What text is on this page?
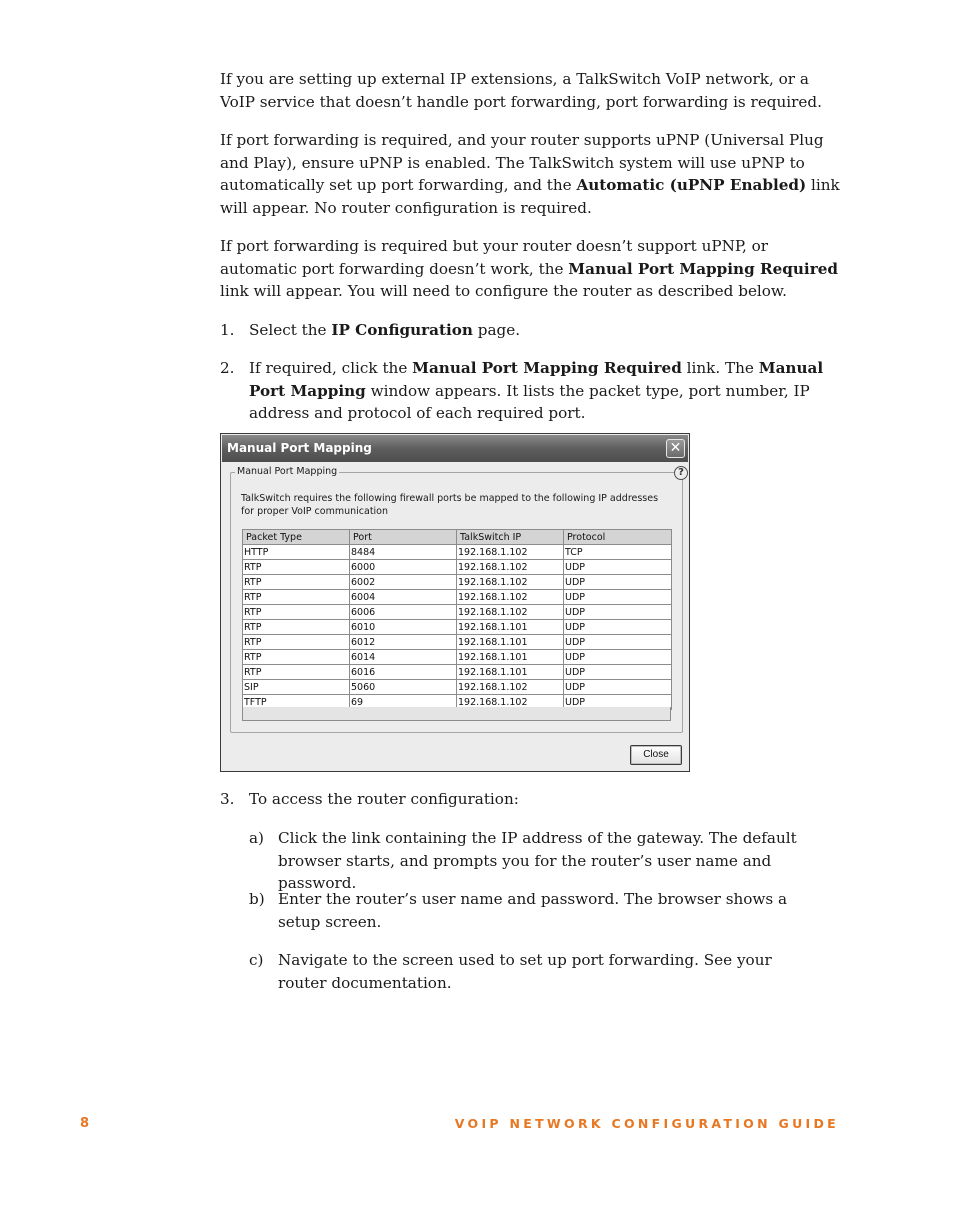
If you are setting up external IP extensions, a TalkSwitch VoIP network, or a VoIP service that doesn’t handle port forwarding, port forwarding is required.

If port forwarding is required, and your router supports uPNP (Universal Plug and Play), ensure uPNP is enabled. The TalkSwitch system will use uPNP to automatically set up port forwarding, and the Automatic (uPNP Enabled) link will appear. No router configuration is required.

If port forwarding is required but your router doesn’t support uPNP, or automatic port forwarding doesn’t work, the Manual Port Mapping Required link will appear. You will need to configure the router as described below.

1. Select the IP Configuration page.

2. If required, click the Manual Port Mapping Required link. The Manual Port Mapping window appears. It lists the packet type, port number, IP address and protocol of each required port.

Manual Port Mapping	✕
Manual Port Mapping	?
TalkSwitch requires the following firewall ports be mapped to the following IP addresses for proper VoIP communication
Packet Type	Port	TalkSwitch IP	Protocol
HTTP	8484	192.168.1.102	TCP
RTP	6000	192.168.1.102	UDP
RTP	6002	192.168.1.102	UDP
RTP	6004	192.168.1.102	UDP
RTP	6006	192.168.1.102	UDP
RTP	6010	192.168.1.101	UDP
RTP	6012	192.168.1.101	UDP
RTP	6014	192.168.1.101	UDP
RTP	6016	192.168.1.101	UDP
SIP	5060	192.168.1.102	UDP
TFTP	69	192.168.1.102	UDP
Close
3. To access the router configuration:

a) Click the link containing the IP address of the gateway. The default browser starts, and prompts you for the router’s user name and password.

b) Enter the router’s user name and password. The browser shows a setup screen.

c) Navigate to the screen used to set up port forwarding. See your router documentation.

8	VOIP NETWORK CONFIGURATION GUIDE
